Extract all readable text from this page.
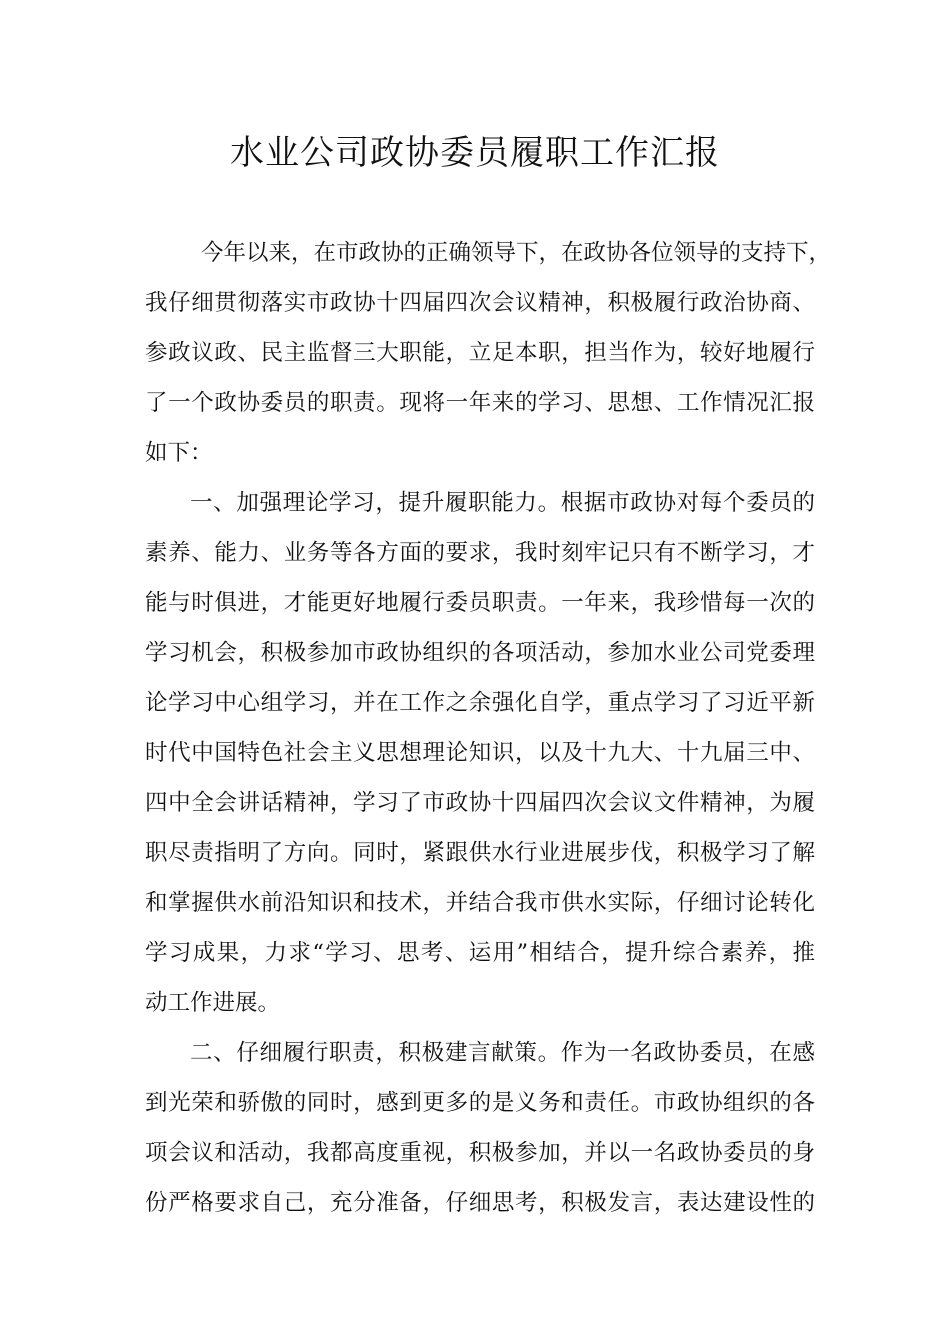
水业公司政协委员履职工作汇报
今年以来，在市政协的正确领导下，在政协各位领导的支持下，
我仔细贯彻落实市政协十四届四次会议精神，积极履行政治协商、
参政议政、民主监督三大职能，立足本职，担当作为，较好地履行
了一个政协委员的职责。现将一年来的学习、思想、工作情况汇报
如下：
一、加强理论学习，提升履职能力。根据市政协对每个委员的
素养、能力、业务等各方面的要求，我时刻牢记只有不断学习，才
能与时俱进，才能更好地履行委员职责。一年来，我珍惜每一次的
学习机会，积极参加市政协组织的各项活动，参加水业公司党委理
论学习中心组学习，并在工作之余强化自学，重点学习了习近平新
时代中国特色社会主义思想理论知识，以及十九大、十九届三中、
四中全会讲话精神，学习了市政协十四届四次会议文件精神，为履
职尽责指明了方向。同时，紧跟供水行业进展步伐，积极学习了解
和掌握供水前沿知识和技术，并结合我市供水实际，仔细讨论转化
学习成果，力求“学习、思考、运用”相结合，提升综合素养，推
动工作进展。
二、仔细履行职责，积极建言献策。作为一名政协委员，在感
到光荣和骄傲的同时，感到更多的是义务和责任。市政协组织的各
项会议和活动，我都高度重视，积极参加，并以一名政协委员的身
份严格要求自己，充分准备，仔细思考，积极发言，表达建设性的
